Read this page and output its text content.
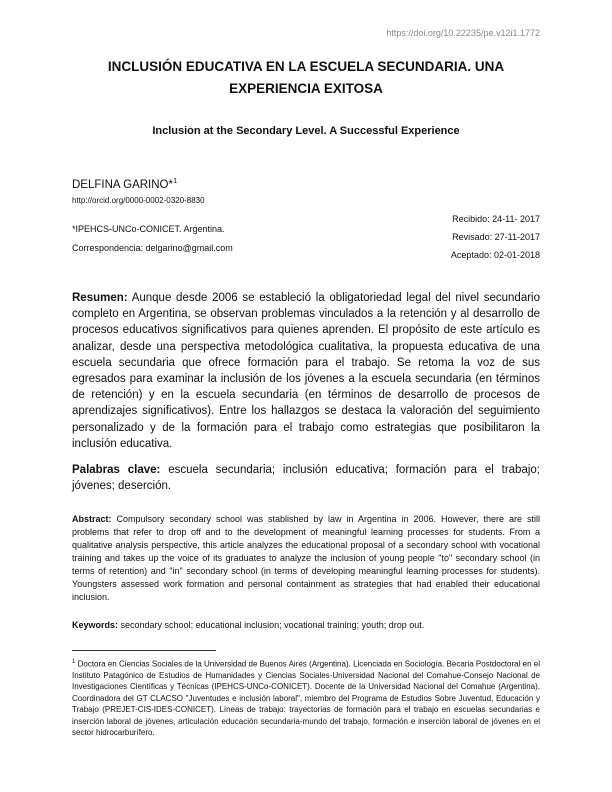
https://doi.org/10.22235/pe.v12i1.1772
INCLUSIÓN EDUCATIVA EN LA ESCUELA SECUNDARIA. UNA
EXPERIENCIA EXITOSA
Inclusion at the Secondary Level. A Successful Experience
DELFINA GARINO*$^1$
http://orcid.org/0000-0002-0320-8830
*IPEHCS-UNCo-CONICET. Argentina.
Correspondencia: delgarino@gmail.com
Recibido: 24-11- 2017
Revisado: 27-11-2017
Aceptado: 02-01-2018

Resumen: Aunque desde 2006 se estableció la obligatoriedad legal del nivel secundario completo en Argentina, se observan problemas vinculados a la retención y al desarrollo de procesos educativos significativos para quienes aprenden. El propósito de este artículo es analizar, desde una perspectiva metodológica cualitativa, la propuesta educativa de una escuela secundaria que ofrece formación para el trabajo. Se retoma la voz de sus egresados para examinar la inclusión de los jóvenes a la escuela secundaria (en términos de retención) y en la escuela secundaria (en términos de desarrollo de procesos de aprendizajes significativos). Entre los hallazgos se destaca la valoración del seguimiento personalizado y de la formación para el trabajo como estrategias que posibilitaron la inclusión educativa.

Palabras clave: escuela secundaria; inclusión educativa; formación para el trabajo; jóvenes; deserción.

Abstract: Compulsory secondary school was stablished by law in Argentina in 2006. However, there are still problems that refer to drop off and to the development of meaningful learning processes for students. From a qualitative analysis perspective, this article analyzes the educational proposal of a secondary school with vocational training and takes up the voice of its graduates to analyze the inclusion of young people "to" secondary school (in terms of retention) and "in" secondary school (in terms of developing meaningful learning processes for students). Youngsters assessed work formation and personal containment as strategies that had enabled their educational inclusion.

Keywords: secondary school; educational inclusion; vocational training; youth; drop out.

$^1$ Doctora en Ciencias Sociales de la Universidad de Buenos Aires (Argentina). Licenciada en Sociología. Becaria Postdoctoral en el Instituto Patagónico de Estudios de Humanidades y Ciencias Sociales-Universidad Nacional del Comahue-Consejo Nacional de Investigaciones Científicas y Técnicas (IPEHCS-UNCo-CONICET). Docente de la Universidad Nacional del Comahue (Argentina). Coordinadora del GT CLACSO "Juventudes e inclusión laboral", miembro del Programa de Estudios Sobre Juventud, Educación y Trabajo (PREJET-CIS-IDES-CONICET). Líneas de trabajo: trayectorias de formación para el trabajo en escuelas secundarias e inserción laboral de jóvenes, articulación educación secundaria-mundo del trabajo, formación e inserción laboral de jóvenes en el sector hidrocarburífero.
